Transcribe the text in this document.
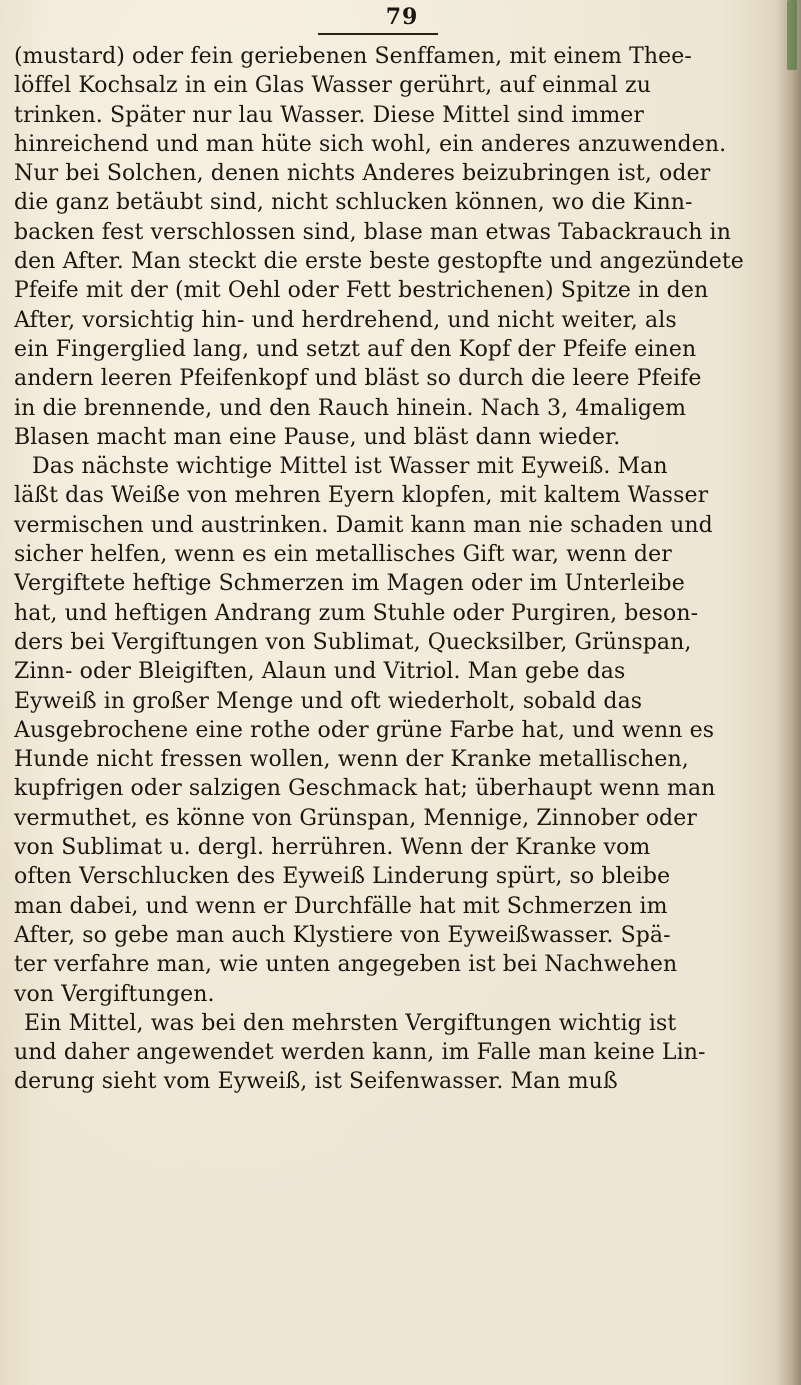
79
(mustard) oder fein geriebenen Senffamen, mit einem Thee-
löffel Kochsalz in ein Glas Wasser gerührt, auf einmal zu
trinken. Später nur lau Wasser. Diese Mittel sind immer
hinreichend und man hüte sich wohl, ein anderes anzuwenden.
Nur bei Solchen, denen nichts Anderes beizubringen ist, oder
die ganz betäubt sind, nicht schlucken können, wo die Kinn-
backen fest verschlossen sind, blase man etwas Tabackrauch in
den After. Man steckt die erste beste gestopfte und angezündete
Pfeife mit der (mit Oehl oder Fett bestrichenen) Spitze in den
After, vorsichtig hin- und herdrehend, und nicht weiter, als
ein Fingerglied lang, und setzt auf den Kopf der Pfeife einen
andern leeren Pfeifenkopf und bläst so durch die leere Pfeife
in die brennende, und den Rauch hinein. Nach 3, 4maligem
Blasen macht man eine Pause, und bläst dann wieder.
Das nächste wichtige Mittel ist Wasser mit Eyweiß. Man
läßt das Weiße von mehren Eyern klopfen, mit kaltem Wasser
vermischen und austrinken. Damit kann man nie schaden und
sicher helfen, wenn es ein metallisches Gift war, wenn der
Vergiftete heftige Schmerzen im Magen oder im Unterleibe
hat, und heftigen Andrang zum Stuhle oder Purgiren, beson-
ders bei Vergiftungen von Sublimat, Quecksilber, Grünspan,
Zinn- oder Bleigiften, Alaun und Vitriol. Man gebe das
Eyweiß in großer Menge und oft wiederholt, sobald das
Ausgebrochene eine rothe oder grüne Farbe hat, und wenn es
Hunde nicht fressen wollen, wenn der Kranke metallischen,
kupfrigen oder salzigen Geschmack hat; überhaupt wenn man
vermuthet, es könne von Grünspan, Mennige, Zinnober oder
von Sublimat u. dergl. herrühren. Wenn der Kranke vom
often Verschlucken des Eyweiß Linderung spürt, so bleibe
man dabei, und wenn er Durchfälle hat mit Schmerzen im
After, so gebe man auch Klystiere von Eyweißwasser. Spä-
ter verfahre man, wie unten angegeben ist bei Nachwehen
von Vergiftungen.
Ein Mittel, was bei den mehrsten Vergiftungen wichtig ist
und daher angewendet werden kann, im Falle man keine Lin-
derung sieht vom Eyweiß, ist Seifenwasser. Man muß
